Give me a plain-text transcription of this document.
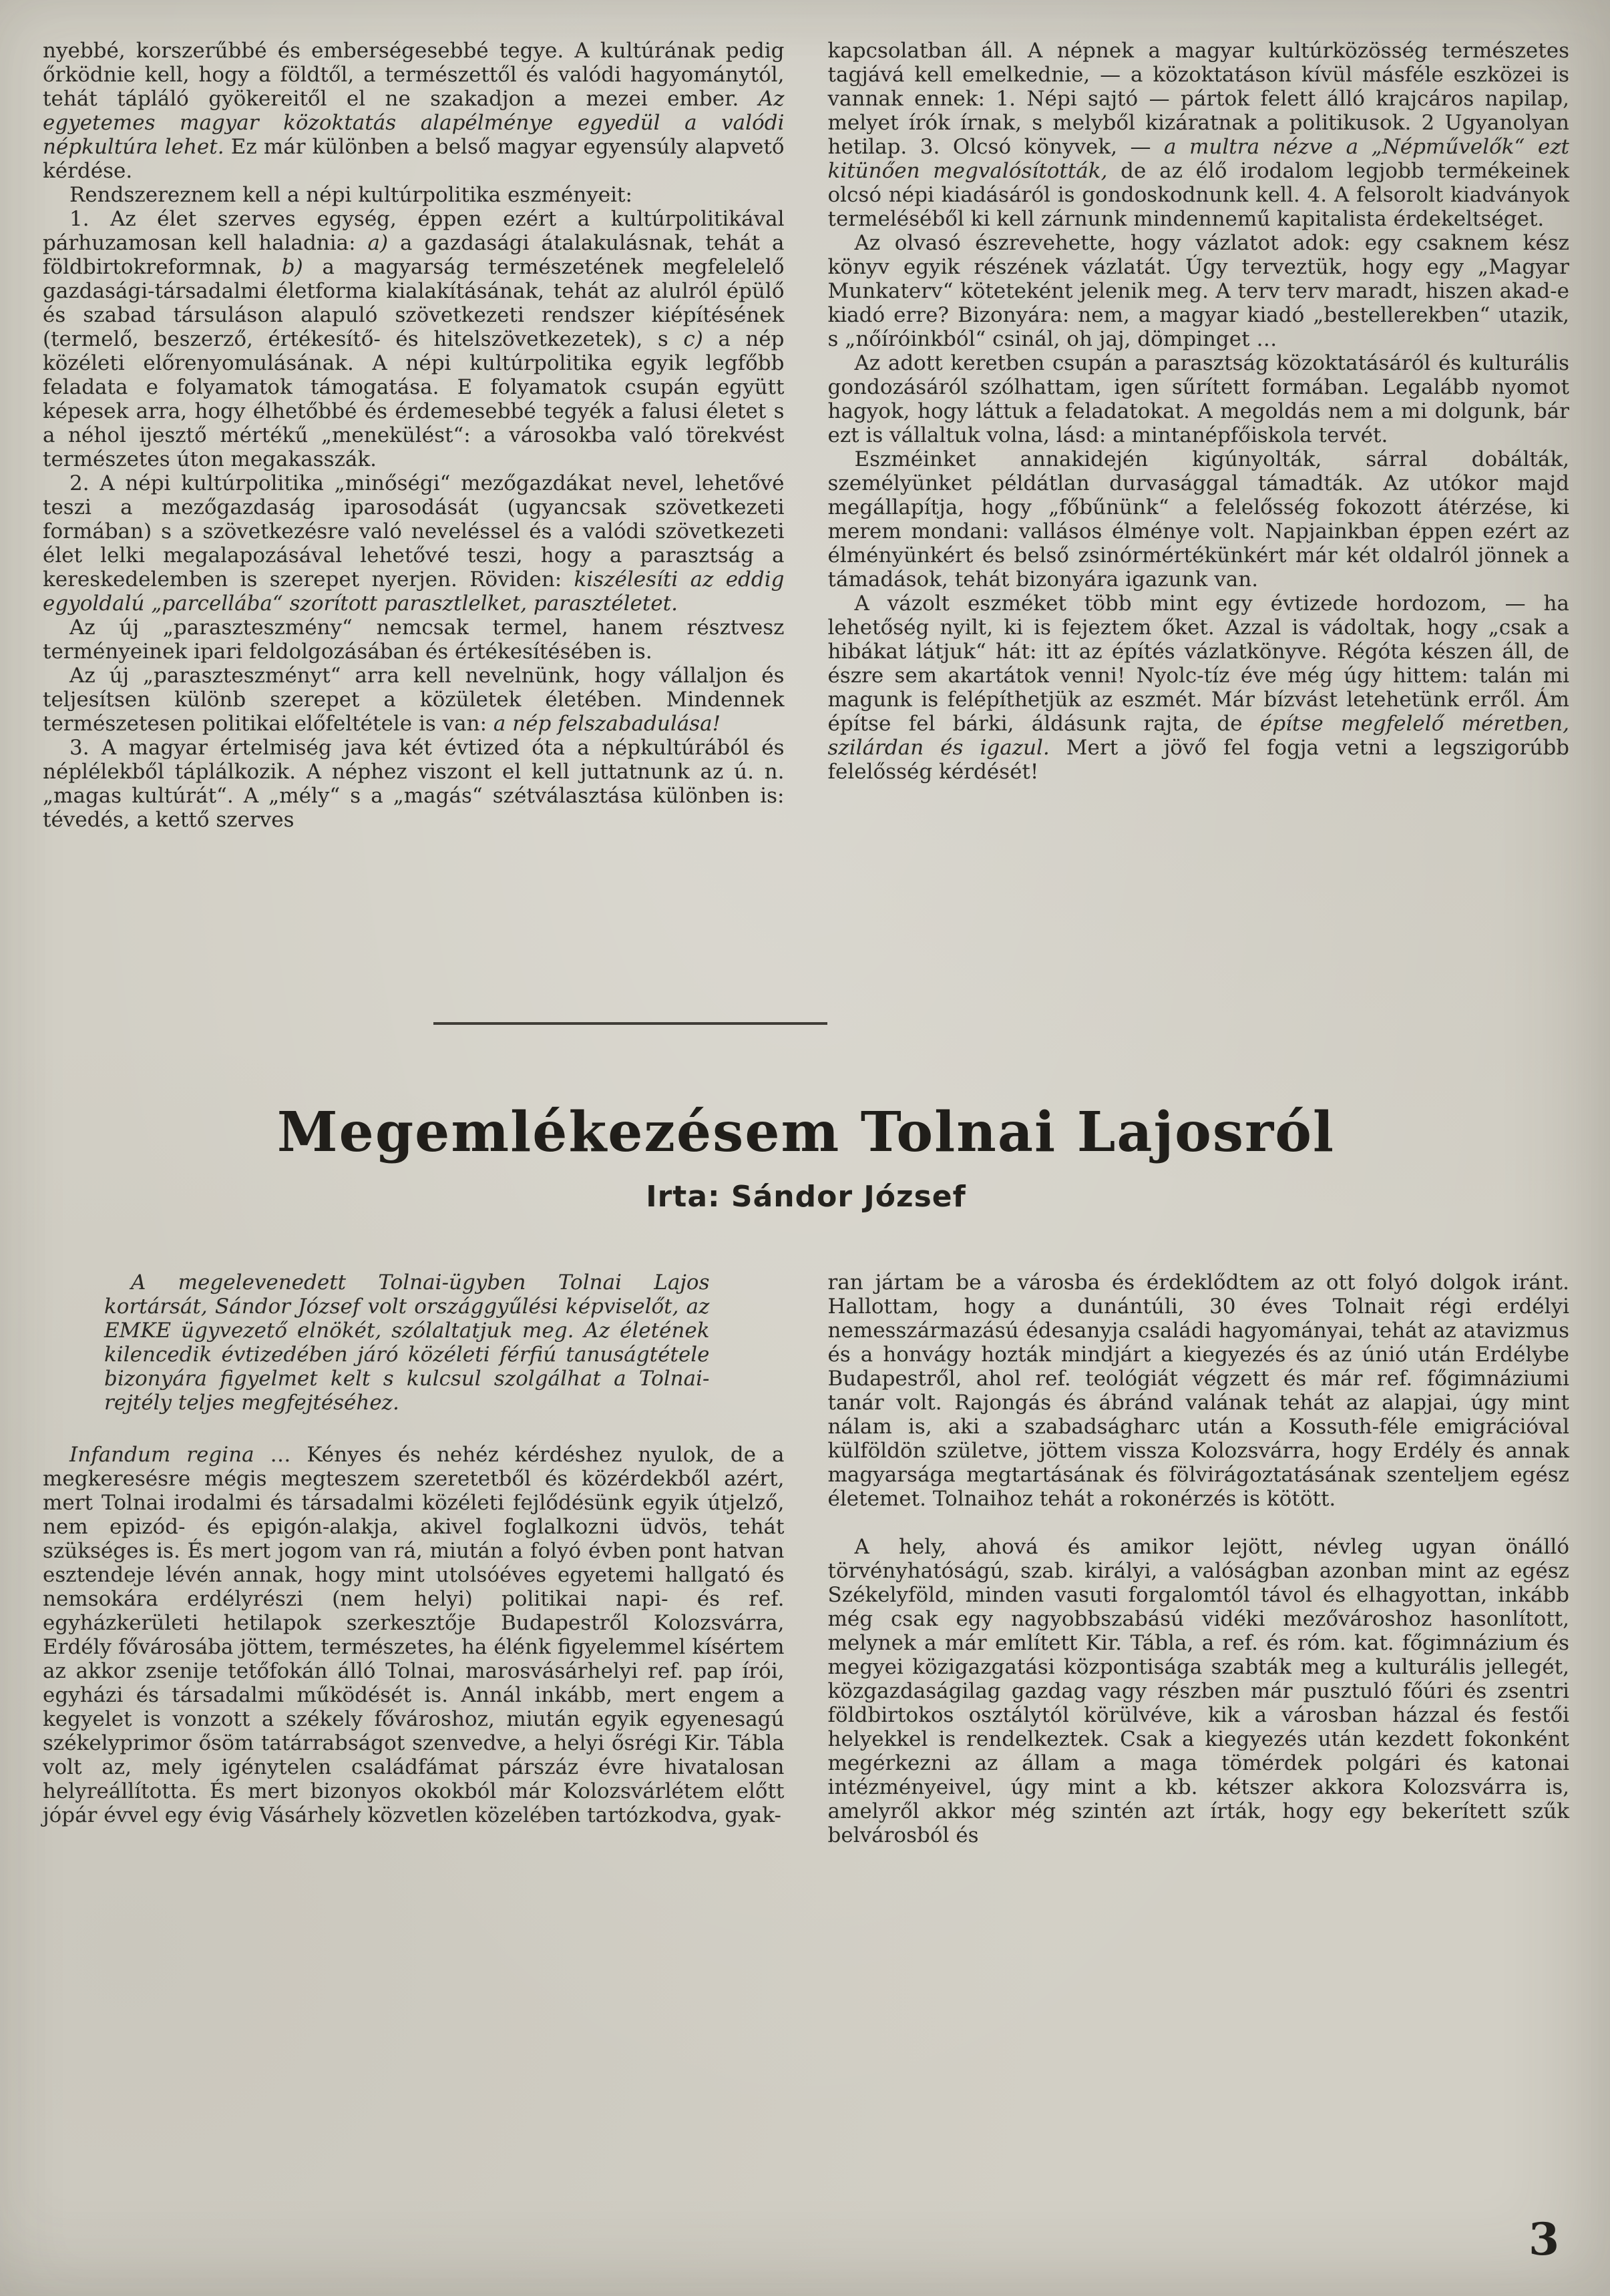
nyebbé, korszerűbbé és emberségesebbé tegye. A kultúrának pedig őrködnie kell, hogy a földtől, a természettől és valódi hagyománytól, tehát tápláló gyökereitől el ne szakadjon a mezei ember. Az egyetemes magyar közoktatás alapélménye egyedül a valódi népkultúra lehet. Ez már különben a belső magyar egyensúly alapvető kérdése.

Rendszereznem kell a népi kultúrpolitika eszményeit:

1. Az élet szerves egység, éppen ezért a kultúrpolitikával párhuzamosan kell haladnia: a) a gazdasági átalakulásnak, tehát a földbirtokreformnak, b) a magyarság természetének megfelelelő gazdasági-társadalmi életforma kialakításának, tehát az alulról épülő és szabad társuláson alapuló szövetkezeti rendszer kiépítésének (termelő, beszerző, értékesítő- és hitelszövetkezetek), s c) a nép közéleti előrenyomulásának. A népi kultúrpolitika egyik legfőbb feladata e folyamatok támogatása. E folyamatok csupán együtt képesek arra, hogy élhetőbbé és érdemesebbé tegyék a falusi életet s a néhol ijesztő mértékű „menekülést“: a városokba való törekvést természetes úton megakasszák.

2. A népi kultúrpolitika „minőségi“ mezőgazdákat nevel, lehetővé teszi a mezőgazdaság iparosodását (ugyancsak szövetkezeti formában) s a szövetkezésre való neveléssel és a valódi szövetkezeti élet lelki megalapozásával lehetővé teszi, hogy a parasztság a kereskedelemben is szerepet nyerjen. Röviden: kiszélesíti az eddig egyoldalú „parcellába“ szorított parasztlelket, parasztéletet.

Az új „paraszteszmény“ nemcsak termel, hanem résztvesz terményeinek ipari feldolgozásában és értékesítésében is.

Az új „paraszteszményt“ arra kell nevelnünk, hogy vállaljon és teljesítsen különb szerepet a közületek életében. Mindennek természetesen politikai előfeltétele is van: a nép felszabadulása!

3. A magyar értelmiség java két évtized óta a népkultúrából és néplélekből táplálkozik. A néphez viszont el kell juttatnunk az ú. n. „magas kultúrát“. A „mély“ s a „magás“ szétválasztása különben is: tévedés, a kettő szerves

kapcsolatban áll. A népnek a magyar kultúrközösség természetes tagjává kell emelkednie, — a közoktatáson kívül másféle eszközei is vannak ennek: 1. Népi sajtó — pártok felett álló krajcáros napilap, melyet írók írnak, s melyből kizáratnak a politikusok. 2 Ugyanolyan hetilap. 3. Olcsó könyvek, — a multra nézve a „Népművelők“ ezt kitünően megvalósították, de az élő irodalom legjobb termékeinek olcsó népi kiadásáról is gondoskodnunk kell. 4. A felsorolt kiadványok termeléséből ki kell zárnunk mindennemű kapitalista érdekeltséget.

Az olvasó észrevehette, hogy vázlatot adok: egy csaknem kész könyv egyik részének vázlatát. Úgy terveztük, hogy egy „Magyar Munkaterv“ köteteként jelenik meg. A terv terv maradt, hiszen akad-e kiadó erre? Bizonyára: nem, a magyar kiadó „bestellerekben“ utazik, s „nőíróinkból“ csinál, oh jaj, dömpinget …

Az adott keretben csupán a parasztság közoktatásáról és kulturális gondozásáról szólhattam, igen sűrített formában. Legalább nyomot hagyok, hogy láttuk a feladatokat. A megoldás nem a mi dolgunk, bár ezt is vállaltuk volna, lásd: a mintanépfőiskola tervét.

Eszméinket annakidején kigúnyolták, sárral dobálták, személyünket példátlan durvasággal támadták. Az utókor majd megállapítja, hogy „főbűnünk“ a felelősség fokozott átérzése, ki merem mondani: vallásos élménye volt. Napjainkban éppen ezért az élményünkért és belső zsinórmértékünkért már két oldalról jönnek a támadások, tehát bizonyára igazunk van.

A vázolt eszméket több mint egy évtizede hordozom, — ha lehetőség nyilt, ki is fejeztem őket. Azzal is vádoltak, hogy „csak a hibákat látjuk“ hát: itt az építés vázlatkönyve. Régóta készen áll, de észre sem akartátok venni! Nyolc-tíz éve még úgy hittem: talán mi magunk is felépíthetjük az eszmét. Már bízvást letehetünk erről. Ám építse fel bárki, áldásunk rajta, de építse megfelelő méretben, szilárdan és igazul. Mert a jövő fel fogja vetni a legszigorúbb felelősség kérdését!

Megemlékezésem Tolnai Lajosról
Irta: Sándor József

A megelevenedett Tolnai-ügyben Tolnai Lajos kortársát, Sándor József volt országgyűlési képviselőt, az EMKE ügyvezető elnökét, szólaltatjuk meg. Az életének kilencedik évtizedében járó közéleti férfiú tanuságtétele bizonyára figyelmet kelt s kulcsul szolgálhat a Tolnai-rejtély teljes megfejtéséhez.

Infandum regina … Kényes és nehéz kérdéshez nyulok, de a megkeresésre mégis megteszem szeretetből és közérdekből azért, mert Tolnai irodalmi és társadalmi közéleti fejlődésünk egyik útjelző, nem epizód- és epigón-alakja, akivel foglalkozni üdvös, tehát szükséges is. És mert jogom van rá, miután a folyó évben pont hatvan esztendeje lévén annak, hogy mint utolsóéves egyetemi hallgató és nemsokára erdélyrészi (nem helyi) politikai napi- és ref. egyházkerületi hetilapok szerkesztője Budapestről Kolozsvárra, Erdély fővárosába jöttem, természetes, ha élénk figyelemmel kísértem az akkor zsenije tetőfokán álló Tolnai, marosvásárhelyi ref. pap írói, egyházi és társadalmi működését is. Annál inkább, mert engem a kegyelet is vonzott a székely fővároshoz, miután egyik egyenesagú székelyprimor ősöm tatárrabságot szenvedve, a helyi ősrégi Kir. Tábla volt az, mely igénytelen családfámat párszáz évre hivatalosan helyreállította. És mert bizonyos okokból már Kolozsvárlétem előtt jópár évvel egy évig Vásárhely közvetlen közelében tartózkodva, gyak-

ran jártam be a városba és érdeklődtem az ott folyó dolgok iránt. Hallottam, hogy a dunántúli, 30 éves Tolnait régi erdélyi nemesszármazású édesanyja családi hagyományai, tehát az atavizmus és a honvágy hozták mindjárt a kiegyezés és az únió után Erdélybe Budapestről, ahol ref. teológiát végzett és már ref. főgimnáziumi tanár volt. Rajongás és ábránd valának tehát az alapjai, úgy mint nálam is, aki a szabadságharc után a Kossuth-féle emigrációval külföldön születve, jöttem vissza Kolozsvárra, hogy Erdély és annak magyarsága megtartásának és fölvirágoztatásának szenteljem egész életemet. Tolnaihoz tehát a rokonérzés is kötött.

A hely, ahová és amikor lejött, névleg ugyan önálló törvényhatóságú, szab. királyi, a valóságban azonban mint az egész Székelyföld, minden vasuti forgalomtól távol és elhagyottan, inkább még csak egy nagyobbszabású vidéki mezővároshoz hasonlított, melynek a már említett Kir. Tábla, a ref. és róm. kat. főgimnázium és megyei közigazgatási központisága szabták meg a kulturális jellegét, közgazdaságilag gazdag vagy részben már pusztuló főúri és zsentri földbirtokos osztálytól körülvéve, kik a városban házzal és festői helyekkel is rendelkeztek. Csak a kiegyezés után kezdett fokonként megérkezni az állam a maga tömérdek polgári és katonai intézményeivel, úgy mint a kb. kétszer akkora Kolozsvárra is, amelyről akkor még szintén azt írták, hogy egy bekerített szűk belvárosból és

3
